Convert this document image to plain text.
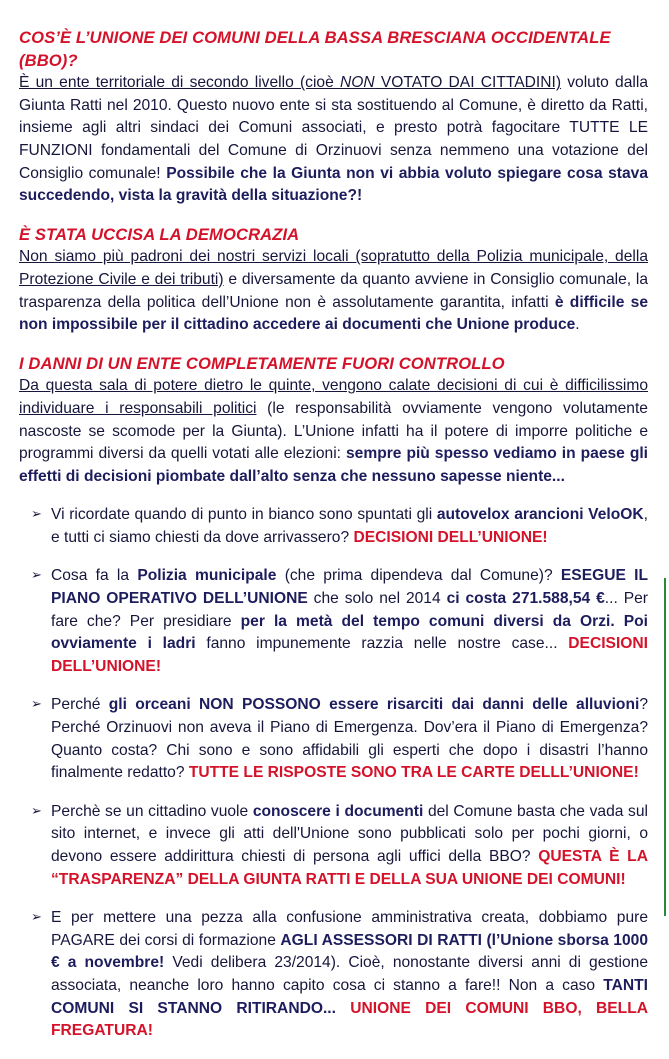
COS’È L’UNIONE DEI COMUNI DELLA BASSA BRESCIANA OCCIDENTALE (BBO)?

È un ente territoriale di secondo livello (cioè NON VOTATO DAI CITTADINI) voluto dalla Giunta Ratti nel 2010. Questo nuovo ente si sta sostituendo al Comune, è diretto da Ratti, insieme agli altri sindaci dei Comuni associati, e presto potrà fagocitare TUTTE LE FUNZIONI fondamentali del Comune di Orzinuovi senza nemmeno una votazione del Consiglio comunale! Possibile che la Giunta non vi abbia voluto spiegare cosa stava succedendo, vista la gravità della situazione?!

È STATA UCCISA LA DEMOCRAZIA

Non siamo più padroni dei nostri servizi locali (sopratutto della Polizia municipale, della Protezione Civile e dei tributi) e diversamente da quanto avviene in Consiglio comunale, la trasparenza della politica dell’Unione non è assolutamente garantita, infatti è difficile se non impossibile per il cittadino accedere ai documenti che Unione produce.

I DANNI DI UN ENTE COMPLETAMENTE FUORI CONTROLLO

Da questa sala di potere dietro le quinte, vengono calate decisioni di cui è difficilissimo individuare i responsabili politici (le responsabilità ovviamente vengono volutamente nascoste se scomode per la Giunta). L’Unione infatti ha il potere di imporre politiche e programmi diversi da quelli votati alle elezioni: sempre più spesso vediamo in paese gli effetti di decisioni piombate dall’alto senza che nessuno sapesse niente...

➢ Vi ricordate quando di punto in bianco sono spuntati gli autovelox arancioni VeloOK, e tutti ci siamo chiesti da dove arrivassero? DECISIONI DELL’UNIONE!
➢ Cosa fa la Polizia municipale (che prima dipendeva dal Comune)? ESEGUE IL PIANO OPERATIVO DELL’UNIONE che solo nel 2014 ci costa 271.588,54 €... Per fare che? Per presidiare per la metà del tempo comuni diversi da Orzi. Poi ovviamente i ladri fanno impunemente razzia nelle nostre case... DECISIONI DELL’UNIONE!
➢ Perché gli orceani NON POSSONO essere risarciti dai danni delle alluvioni? Perché Orzinuovi non aveva il Piano di Emergenza. Dov’era il Piano di Emergenza? Quanto costa? Chi sono e sono affidabili gli esperti che dopo i disastri l’hanno finalmente redatto? TUTTE LE RISPOSTE SONO TRA LE CARTE DELLL’UNIONE!
➢ Perchè se un cittadino vuole conoscere i documenti del Comune basta che vada sul sito internet, e invece gli atti dell'Unione sono pubblicati solo per pochi giorni, o devono essere addirittura chiesti di persona agli uffici della BBO? QUESTA È LA “TRASPARENZA” DELLA GIUNTA RATTI E DELLA SUA UNIONE DEI COMUNI!
➢ E per mettere una pezza alla confusione amministrativa creata, dobbiamo pure PAGARE dei corsi di formazione AGLI ASSESSORI DI RATTI (l’Unione sborsa 1000 € a novembre! Vedi delibera 23/2014). Cioè, nonostante diversi anni di gestione associata, neanche loro hanno capito cosa ci stanno a fare!! Non a caso TANTI COMUNI SI STANNO RITIRANDO... UNIONE DEI COMUNI BBO, BELLA FREGATURA!
